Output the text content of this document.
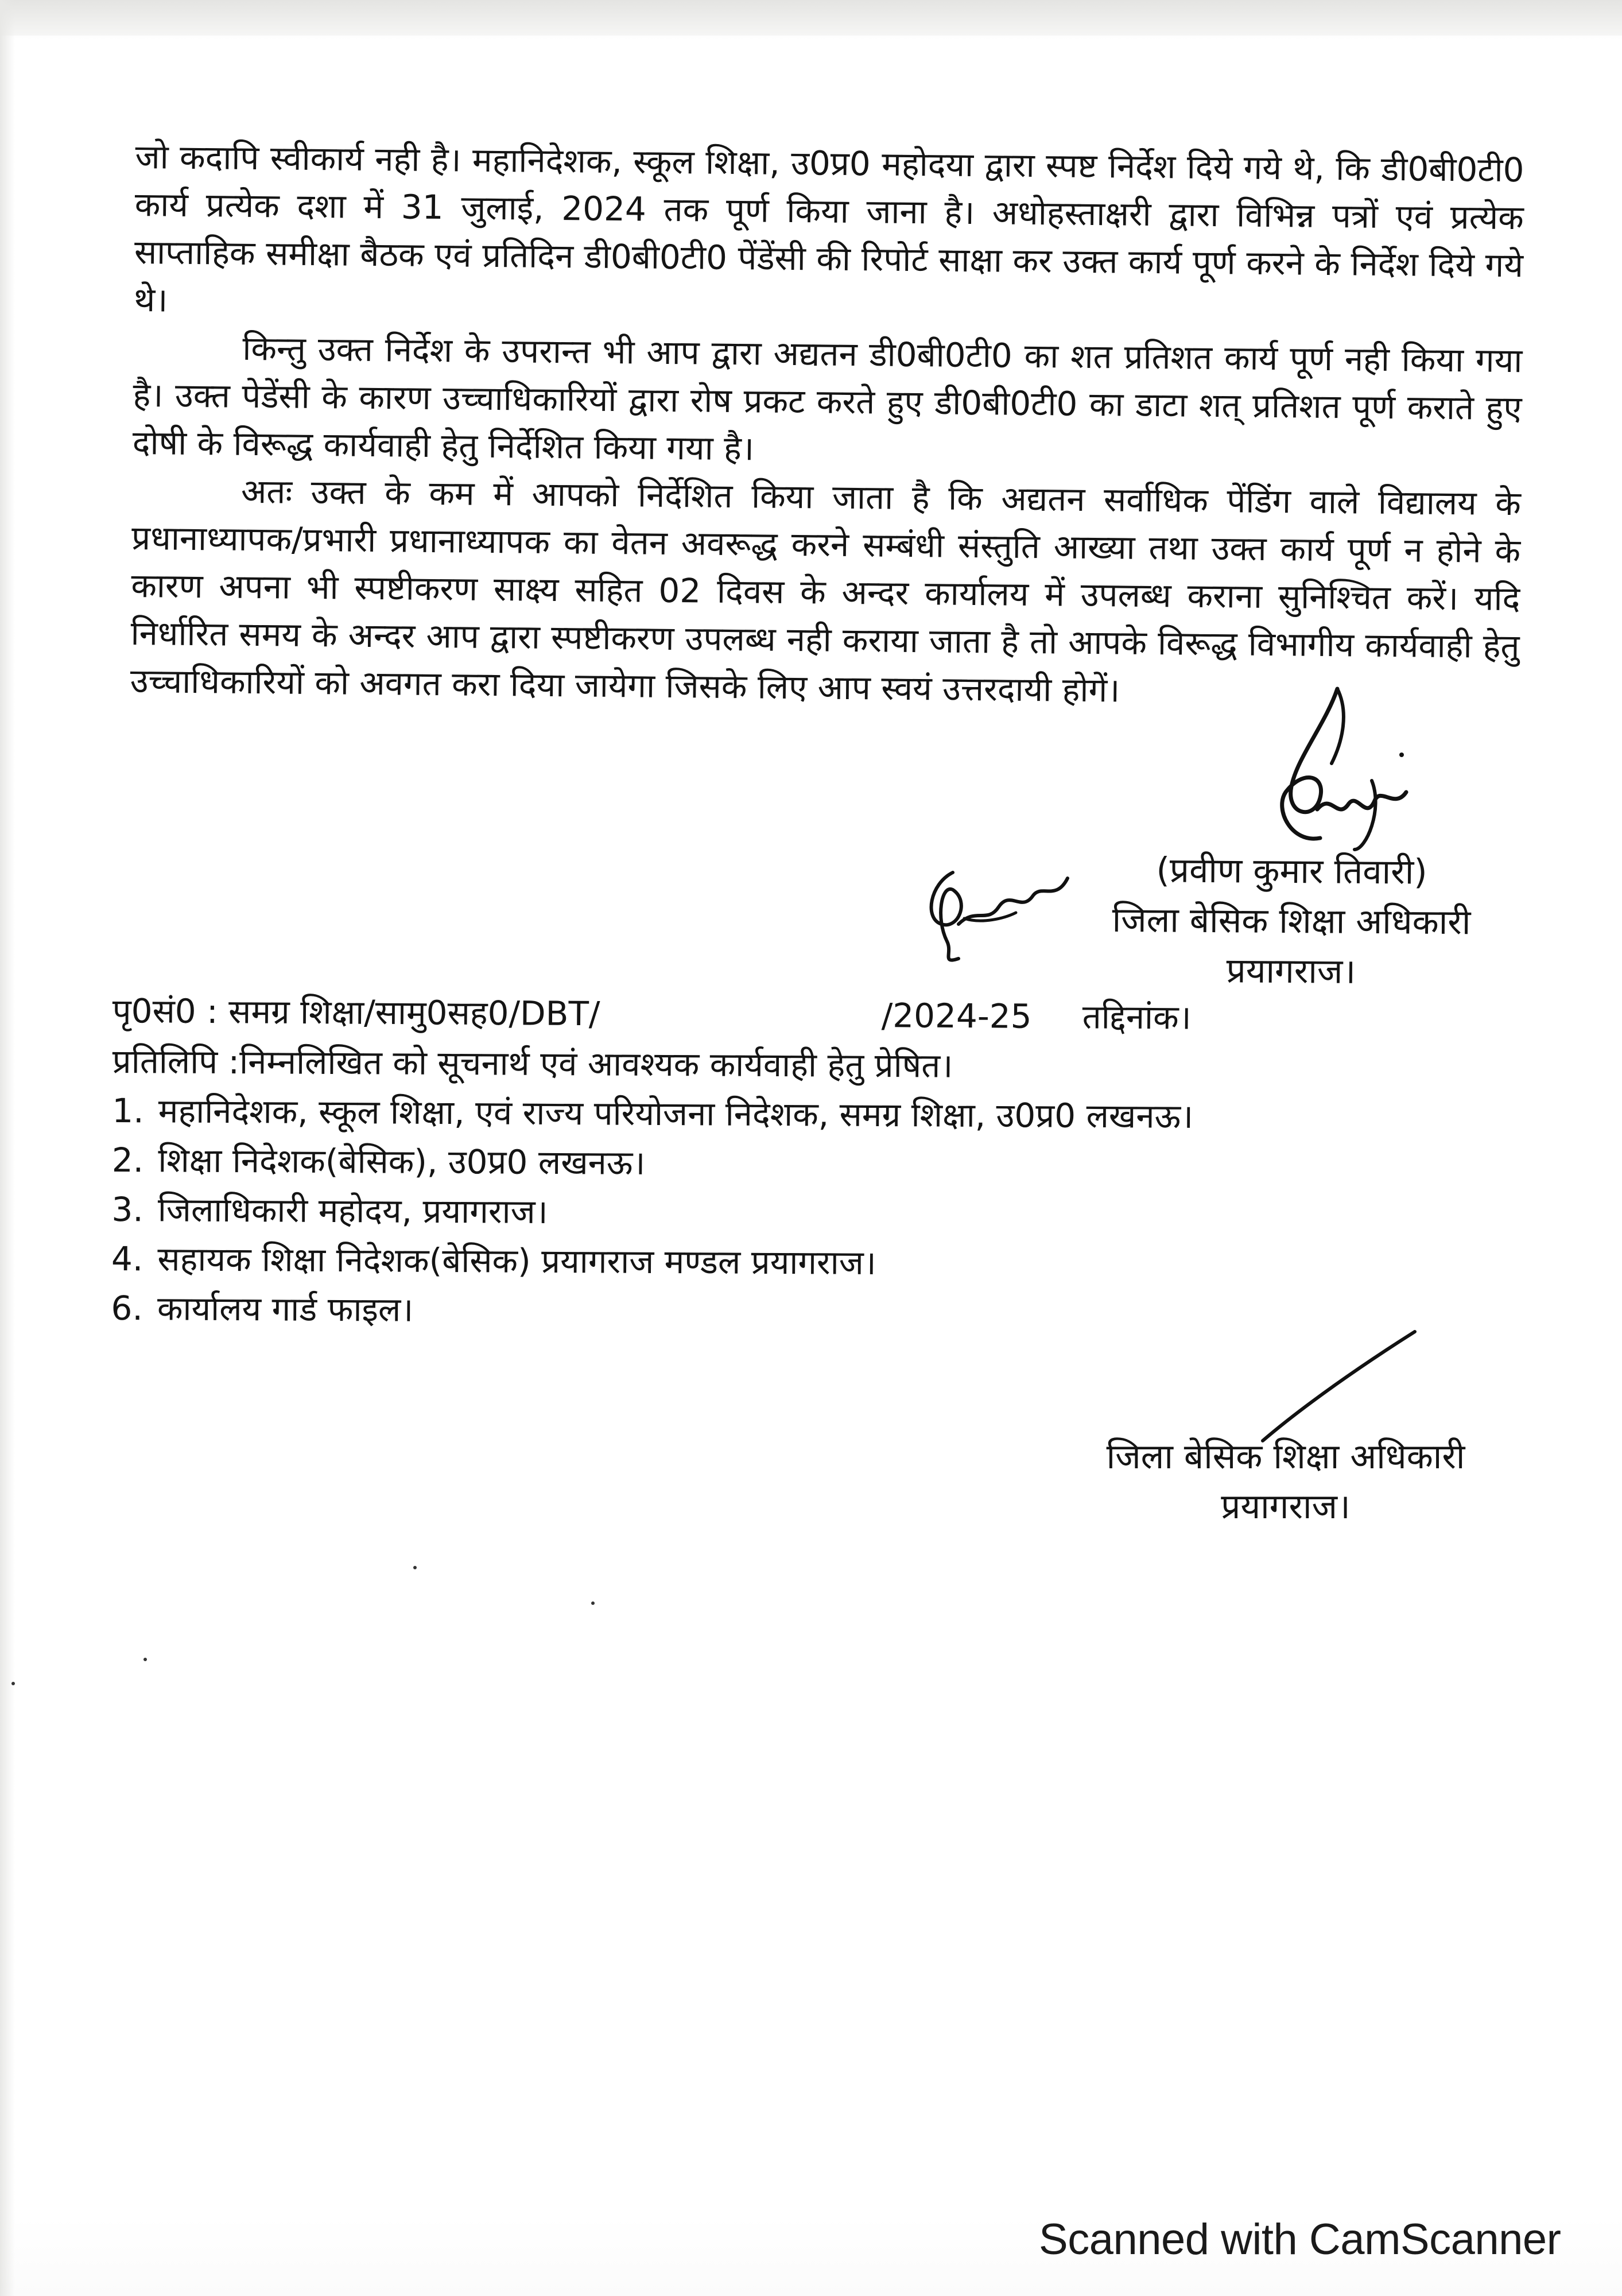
जो कदापि स्वीकार्य नही है। महानिदेशक, स्कूल शिक्षा, उ0प्र0 महोदया द्वारा स्पष्ट निर्देश दिये गये थे, कि डी0बी0टी0 कार्य प्रत्येक दशा में 31 जुलाई, 2024 तक पूर्ण किया जाना है। अधोहस्ताक्षरी द्वारा विभिन्न पत्रों एवं प्रत्येक साप्ताहिक समीक्षा बैठक एवं प्रतिदिन डी0बी0टी0 पेंडेंसी की रिपोर्ट साक्षा कर उक्त कार्य पूर्ण करने के निर्देश दिये गये थे।

किन्तु उक्त निर्देश के उपरान्त भी आप द्वारा अद्यतन डी0बी0टी0 का शत प्रतिशत कार्य पूर्ण नही किया गया है। उक्त पेडेंसी के कारण उच्चाधिकारियों द्वारा रोष प्रकट करते हुए डी0बी0टी0 का डाटा शत् प्रतिशत पूर्ण कराते हुए दोषी के विरूद्ध कार्यवाही हेतु निर्देशित किया गया है।

अतः उक्त के कम में आपको निर्देशित किया जाता है कि अद्यतन सर्वाधिक पेंडिंग वाले विद्यालय के प्रधानाध्यापक/प्रभारी प्रधानाध्यापक का वेतन अवरूद्ध करने सम्बंधी संस्तुति आख्या तथा उक्त कार्य पूर्ण न होने के कारण अपना भी स्पष्टीकरण साक्ष्य सहित 02 दिवस के अन्दर कार्यालय में उपलब्ध कराना सुनिश्चित करें। यदि निर्धारित समय के अन्दर आप द्वारा स्पष्टीकरण उपलब्ध नही कराया जाता है तो आपके विरूद्ध विभागीय कार्यवाही हेतु उच्चाधिकारियों को अवगत करा दिया जायेगा जिसके लिए आप स्वयं उत्तरदायी होगें।

(प्रवीण कुमार तिवारी)
जिला बेसिक शिक्षा अधिकारी
प्रयागराज।
पृ0सं0 : समग्र शिक्षा/सामु0सह0/DBT/	/2024-25 तद्दिनांक।
प्रतिलिपि :निम्नलिखित को सूचनार्थ एवं आवश्यक कार्यवाही हेतु प्रेषित।
1. महानिदेशक, स्कूल शिक्षा, एवं राज्य परियोजना निदेशक, समग्र शिक्षा, उ0प्र0 लखनऊ।
2. शिक्षा निदेशक(बेसिक), उ0प्र0 लखनऊ।
3. जिलाधिकारी महोदय, प्रयागराज।
4. सहायक शिक्षा निदेशक(बेसिक) प्रयागराज मण्डल प्रयागराज।
6. कार्यालय गार्ड फाइल।
जिला बेसिक शिक्षा अधिकारी
प्रयागराज।
Scanned with CamScanner
